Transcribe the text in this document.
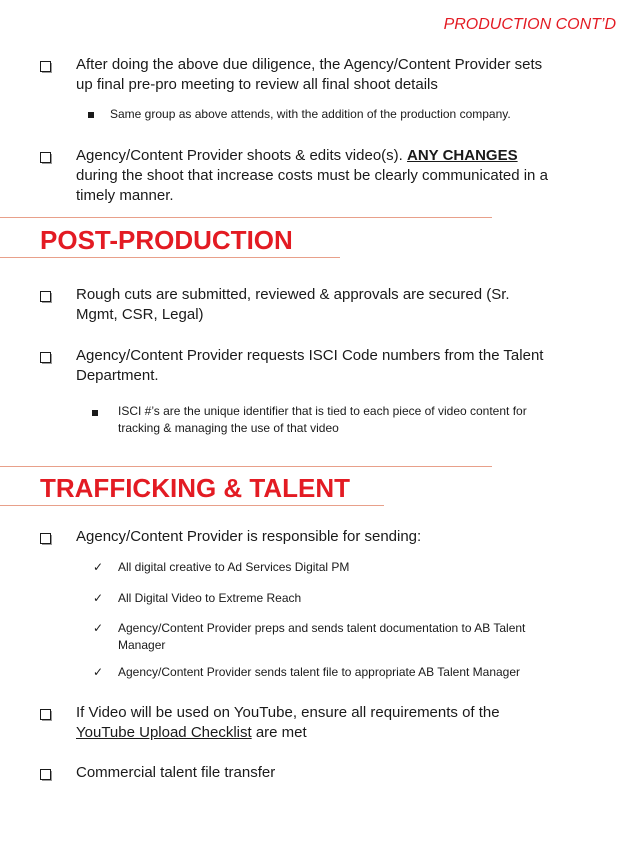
PRODUCTION CONT’D
After doing the above due diligence, the Agency/Content Provider sets
up final pre-pro meeting to review all final shoot details
Same group as above attends, with the addition of the production company.
Agency/Content Provider shoots & edits video(s). ANY CHANGES
during the shoot that increase costs must be clearly communicated in a
timely manner.
POST-PRODUCTION
Rough cuts are submitted, reviewed & approvals are secured (Sr.
Mgmt, CSR, Legal)
Agency/Content Provider requests ISCI Code numbers from the Talent
Department.
ISCI #’s are the unique identifier that is tied to each piece of video content for
tracking & managing the use of that video
TRAFFICKING & TALENT
Agency/Content Provider is responsible for sending:
✓ All digital creative to Ad Services Digital PM
✓ All Digital Video to Extreme Reach
✓ Agency/Content Provider preps and sends talent documentation to AB Talent
Manager
✓ Agency/Content Provider sends talent file to appropriate AB Talent Manager
If Video will be used on YouTube, ensure all requirements of the
YouTube Upload Checklist are met
Commercial talent file transfer
